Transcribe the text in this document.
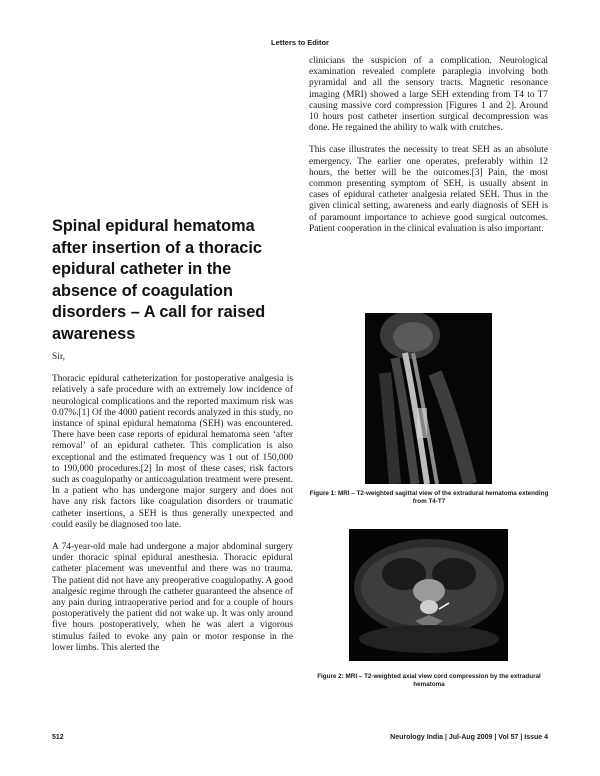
Letters to Editor
Spinal epidural hematoma after insertion of a thoracic epidural catheter in the absence of coagulation disorders – A call for raised awareness

Sir,

Thoracic epidural catheterization for postoperative analgesia is relatively a safe procedure with an extremely low incidence of neurological complications and the reported maximum risk was 0.07%.[1] Of the 4000 patient records analyzed in this study, no instance of spinal epidural hematoma (SEH) was encountered. There have been case reports of epidural hematoma seen ‘after removal’ of an epidural catheter. This complication is also exceptional and the estimated frequency was 1 out of 150,000 to 190,000 procedures.[2] In most of these cases, risk factors such as coagulopathy or anticoagulation treatment were present. In a patient who has undergone major surgery and does not have any risk factors like coagulation disorders or traumatic catheter insertions, a SEH is thus generally unexpected and could easily be diagnosed too late.

A 74-year-old male had undergone a major abdominal surgery under thoracic spinal epidural anesthesia. Thoracic epidural catheter placement was uneventful and there was no trauma. The patient did not have any preoperative coagulopathy. A good analgesic regime through the catheter guaranteed the absence of any pain during intraoperative period and for a couple of hours postoperatively the patient did not wake up. It was only around five hours postoperatively, when he was alert a vigorous stimulus failed to evoke any pain or motor response in the lower limbs. This alerted the

clinicians the suspicion of a complication. Neurological examination revealed complete paraplegia involving both pyramidal and all the sensory tracts. Magnetic resonance imaging (MRI) showed a large SEH extending from T4 to T7 causing massive cord compression [Figures 1 and 2]. Around 10 hours post catheter insertion surgical decompression was done. He regained the ability to walk with crutches.

This case illustrates the necessity to treat SEH as an absolute emergency. The earlier one operates, preferably within 12 hours, the better will be the outcomes.[3] Pain, the most common presenting symptom of SEH, is usually absent in cases of epidural catheter analgesia related SEH. Thus in the given clinical setting, awareness and early diagnosis of SEH is of paramount importance to achieve good surgical outcomes. Patient cooperation in the clinical evaluation is also important.

Figure 1: MRI – T2-weighted sagittal view of the extradural hematoma extending from T4-T7
Figure 2: MRI – T2-weighted axial view cord compression by the extradural hematoma
512	Neurology India | Jul-Aug 2009 | Vol 57 | Issue 4
